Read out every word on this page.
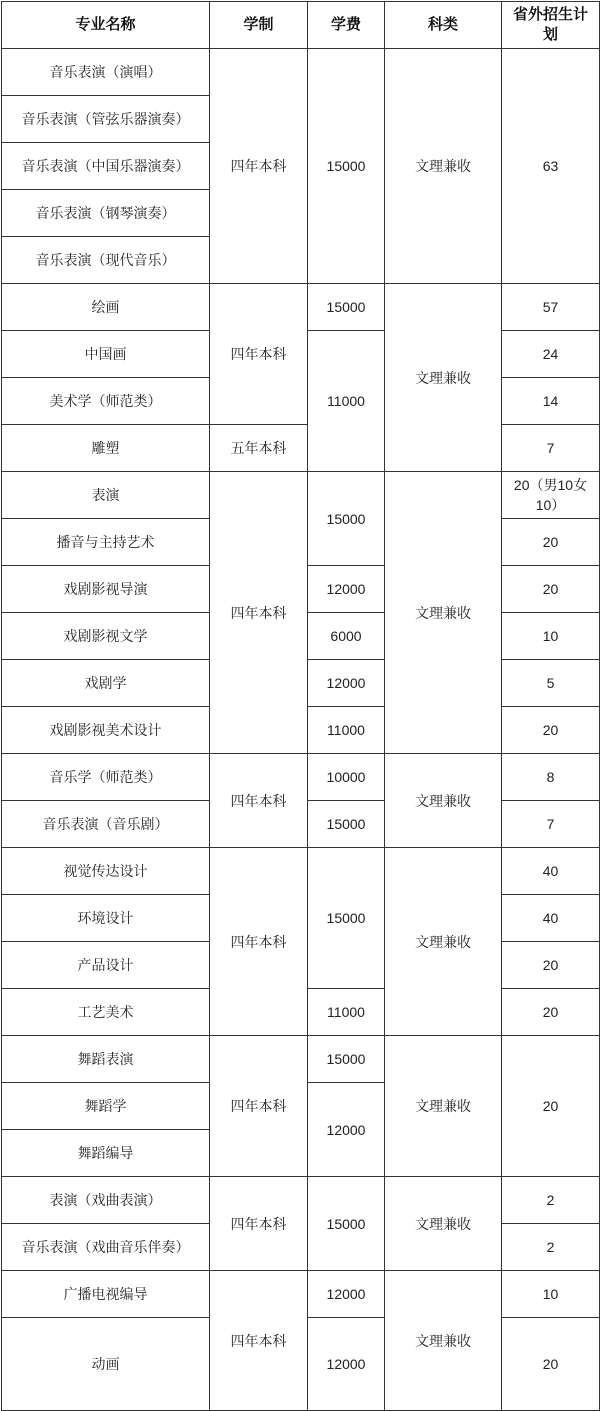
专业名称	学制	学费	科类	省外招生计划
音乐表演（演唱）	四年本科	15000	文理兼收	63
音乐表演（管弦乐器演奏）				
音乐表演（中国乐器演奏）				
音乐表演（钢琴演奏）				
音乐表演（现代音乐）				
绘画	四年本科	15000	文理兼收	57
中国画		11000		24
美术学（师范类）				14
雕塑	五年本科			7
表演	四年本科	15000	文理兼收	20（男10女10）
播音与主持艺术				20
戏剧影视导演		12000		20
戏剧影视文学		6000		10
戏剧学		12000		5
戏剧影视美术设计		11000		20
音乐学（师范类）	四年本科	10000	文理兼收	8
音乐表演（音乐剧）		15000		7
视觉传达设计	四年本科	15000	文理兼收	40
环境设计				40
产品设计				20
工艺美术		11000		20
舞蹈表演	四年本科	15000	文理兼收	20
舞蹈学		12000		
舞蹈编导				
表演（戏曲表演）	四年本科	15000	文理兼收	2
音乐表演（戏曲音乐伴奏）				2
广播电视编导	四年本科	12000	文理兼收	10
动画		12000		20
